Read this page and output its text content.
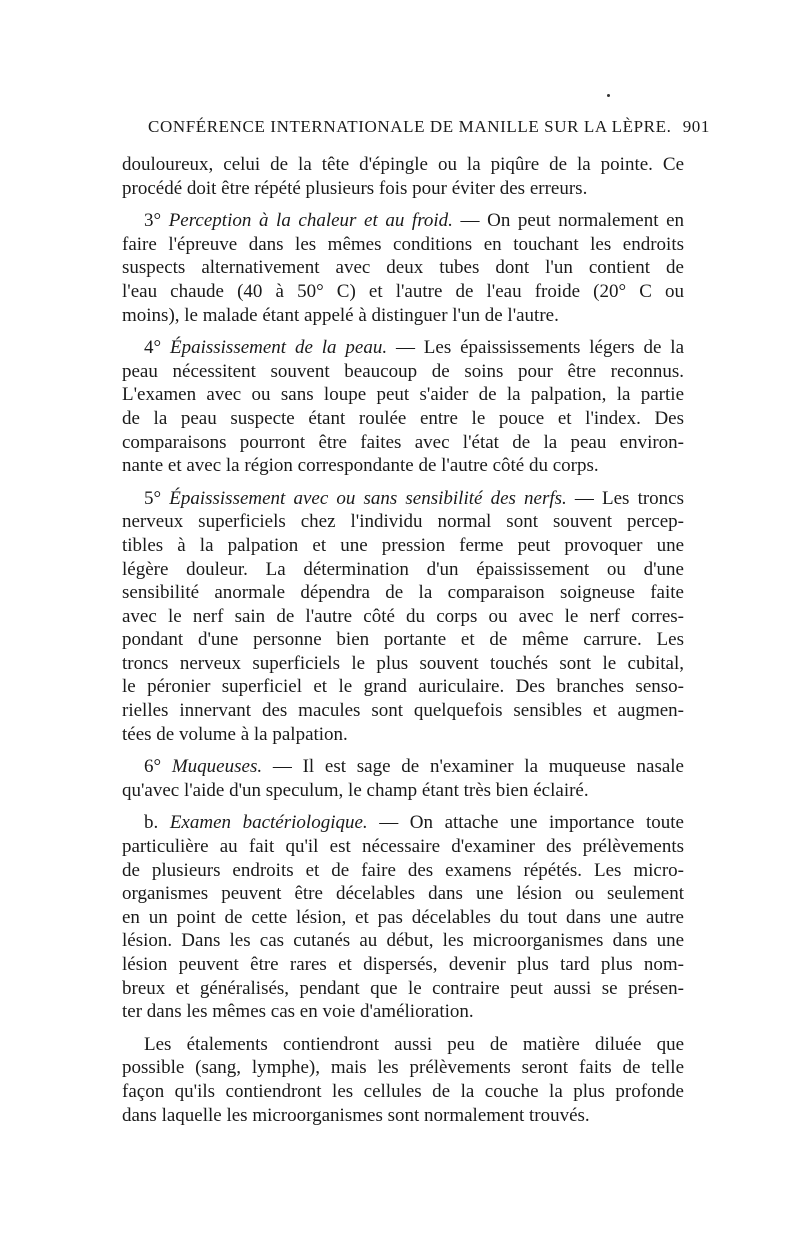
CONFÉRENCE INTERNATIONALE DE MANILLE SUR LA LÈPRE. 901
douloureux, celui de la tête d'épingle ou la piqûre de la pointe. Ce
procédé doit être répété plusieurs fois pour éviter des erreurs.
3° Perception à la chaleur et au froid. — On peut normalement en
faire l'épreuve dans les mêmes conditions en touchant les endroits
suspects alternativement avec deux tubes dont l'un contient de
l'eau chaude (40 à 50° C) et l'autre de l'eau froide (20° C ou
moins), le malade étant appelé à distinguer l'un de l'autre.
4° Épaississement de la peau. — Les épaississements légers de la
peau nécessitent souvent beaucoup de soins pour être reconnus.
L'examen avec ou sans loupe peut s'aider de la palpation, la partie
de la peau suspecte étant roulée entre le pouce et l'index. Des
comparaisons pourront être faites avec l'état de la peau environ-
nante et avec la région correspondante de l'autre côté du corps.
5° Épaississement avec ou sans sensibilité des nerfs. — Les troncs
nerveux superficiels chez l'individu normal sont souvent percep-
tibles à la palpation et une pression ferme peut provoquer une
légère douleur. La détermination d'un épaississement ou d'une
sensibilité anormale dépendra de la comparaison soigneuse faite
avec le nerf sain de l'autre côté du corps ou avec le nerf corres-
pondant d'une personne bien portante et de même carrure. Les
troncs nerveux superficiels le plus souvent touchés sont le cubital,
le péronier superficiel et le grand auriculaire. Des branches senso-
rielles innervant des macules sont quelquefois sensibles et augmen-
tées de volume à la palpation.
6° Muqueuses. — Il est sage de n'examiner la muqueuse nasale
qu'avec l'aide d'un speculum, le champ étant très bien éclairé.
b. Examen bactériologique. — On attache une importance toute
particulière au fait qu'il est nécessaire d'examiner des prélèvements
de plusieurs endroits et de faire des examens répétés. Les micro-
organismes peuvent être décelables dans une lésion ou seulement
en un point de cette lésion, et pas décelables du tout dans une autre
lésion. Dans les cas cutanés au début, les microorganismes dans une
lésion peuvent être rares et dispersés, devenir plus tard plus nom-
breux et généralisés, pendant que le contraire peut aussi se présen-
ter dans les mêmes cas en voie d'amélioration.
Les étalements contiendront aussi peu de matière diluée que
possible (sang, lymphe), mais les prélèvements seront faits de telle
façon qu'ils contiendront les cellules de la couche la plus profonde
dans laquelle les microorganismes sont normalement trouvés.
